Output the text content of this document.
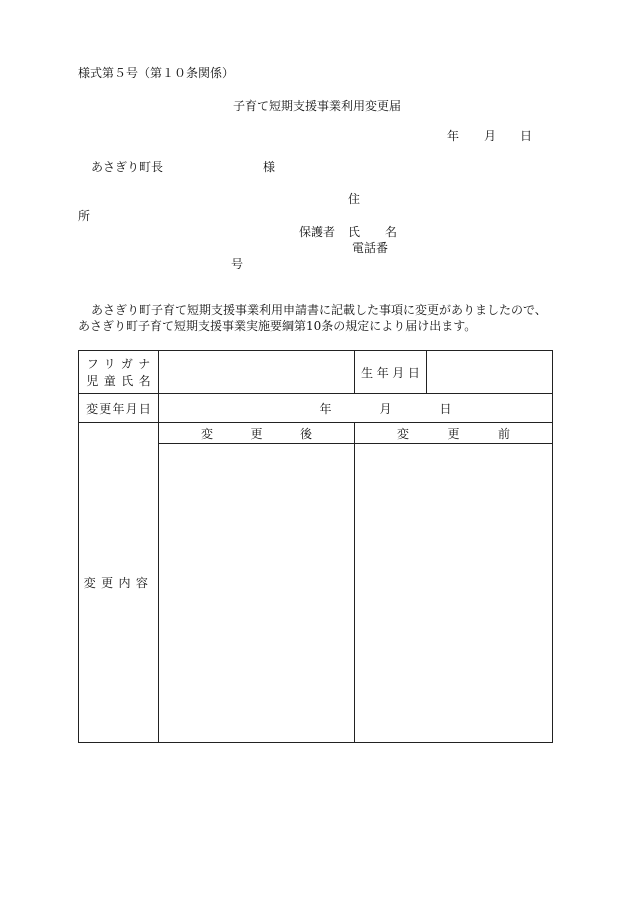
様式第５号（第１０条関係）
子育て短期支援事業利用変更届
年 月 日
あさぎり町長	様
住
所
保護者 氏 名
電話番
号
あさぎり町子育て短期支援事業利用申請書に記載した事項に変更がありましたので、
あさぎり町子育て短期支援事業実施要綱第10条の規定により届け出ます。
フリガナ
児童氏名		生年月日	
変更年月日	年 月 日		

変更内容	変 更 後	変 更 前	
